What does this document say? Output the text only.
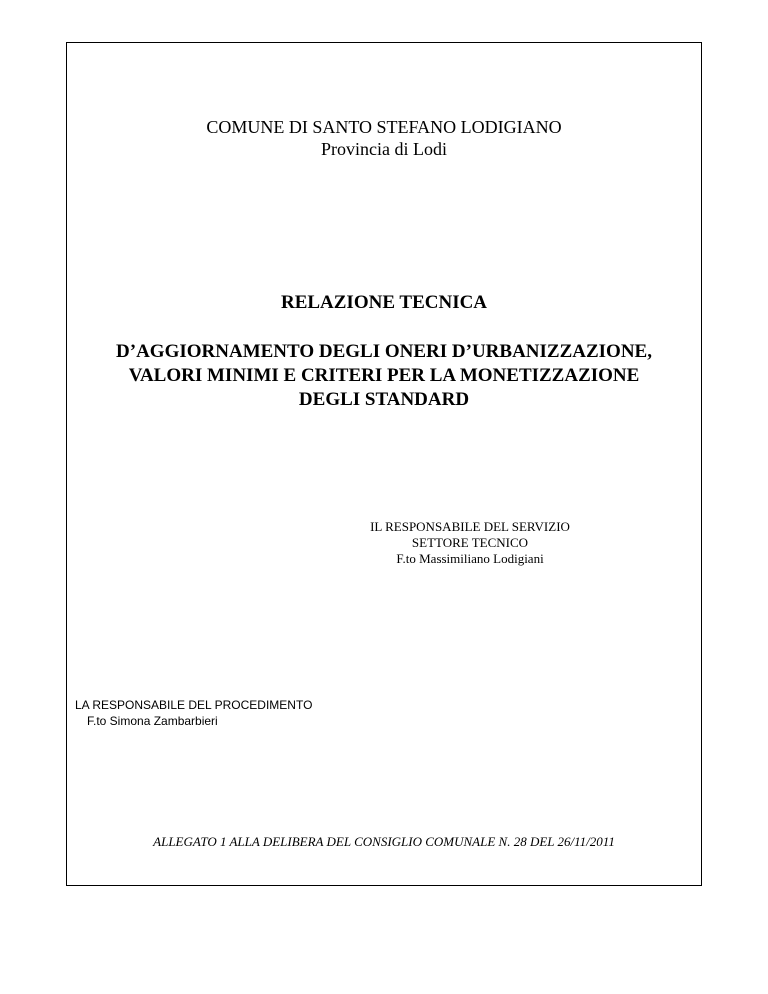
COMUNE DI SANTO STEFANO LODIGIANO
Provincia di Lodi
RELAZIONE TECNICA
D’AGGIORNAMENTO DEGLI ONERI D’URBANIZZAZIONE,
VALORI MINIMI E CRITERI PER LA MONETIZZAZIONE
DEGLI STANDARD
IL RESPONSABILE DEL SERVIZIO
SETTORE TECNICO
F.to Massimiliano Lodigiani
LA RESPONSABILE DEL PROCEDIMENTO
F.to Simona Zambarbieri
ALLEGATO 1 ALLA DELIBERA DEL CONSIGLIO COMUNALE N. 28 DEL 26/11/2011
